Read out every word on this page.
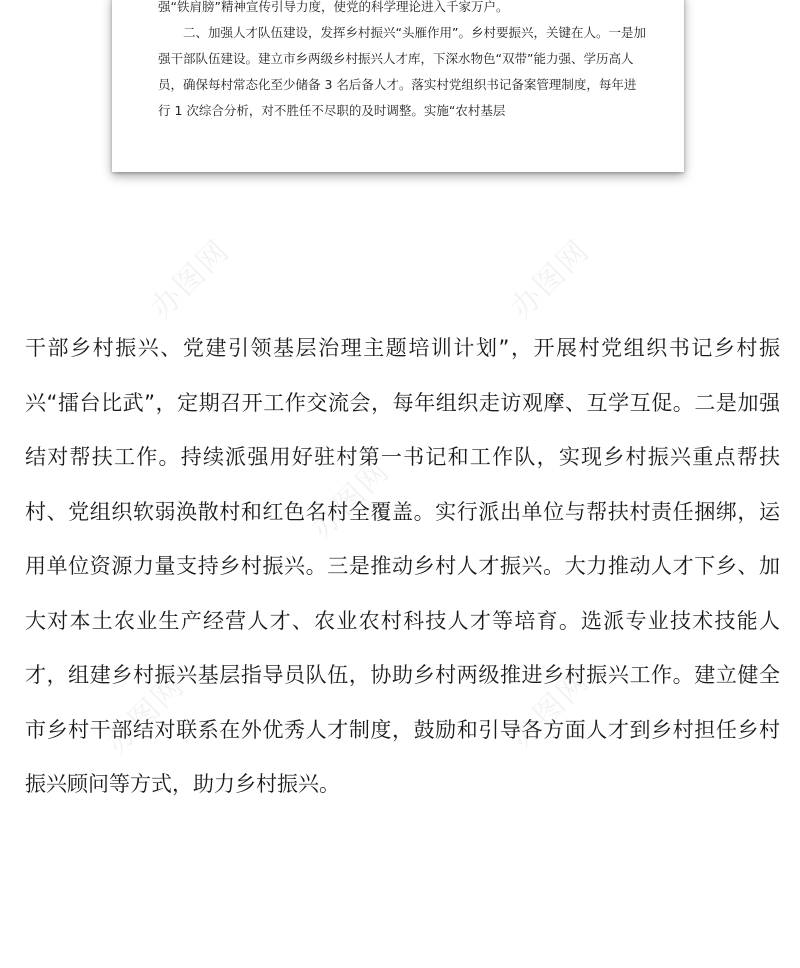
强“铁肩膀”精神宣传引导力度，使党的科学理论进入千家万户。

二、加强人才队伍建设，发挥乡村振兴“头雁作用”。乡村要振兴，关键在人。一是加强干部队伍建设。建立市乡两级乡村振兴人才库，下深水物色“双带”能力强、学历高人员，确保每村常态化至少储备 3 名后备人才。落实村党组织书记备案管理制度，每年进行 1 次综合分析，对不胜任不尽职的及时调整。实施“农村基层

办图网	办图网
办图网
办图网	办图网

干部乡村振兴、党建引领基层治理主题培训计划”，开展村党组织书记乡村振兴“擂台比武”，定期召开工作交流会，每年组织走访观摩、互学互促。二是加强结对帮扶工作。持续派强用好驻村第一书记和工作队，实现乡村振兴重点帮扶村、党组织软弱涣散村和红色名村全覆盖。实行派出单位与帮扶村责任捆绑，运用单位资源力量支持乡村振兴。三是推动乡村人才振兴。大力推动人才下乡、加大对本土农业生产经营人才、农业农村科技人才等培育。选派专业技术技能人才，组建乡村振兴基层指导员队伍，协助乡村两级推进乡村振兴工作。建立健全市乡村干部结对联系在外优秀人才制度，鼓励和引导各方面人才到乡村担任乡村振兴顾问等方式，助力乡村振兴。
